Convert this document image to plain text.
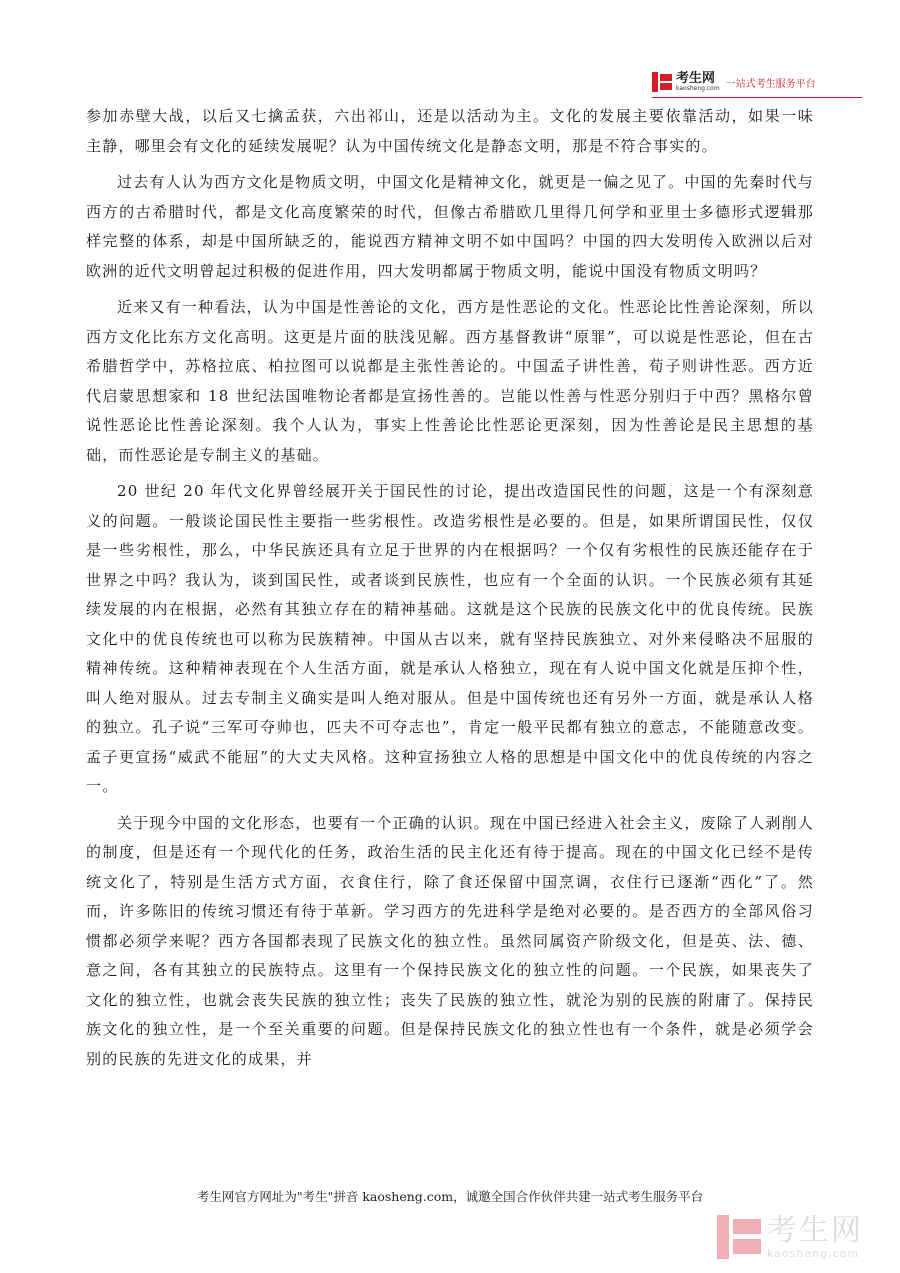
考生网
kaosheng.com 一站式考生服务平台

参加赤壁大战，以后又七擒孟获，六出祁山，还是以活动为主。文化的发展主要依靠活动，如果一味主静，哪里会有文化的延续发展呢？认为中国传统文化是静态文明，那是不符合事实的。

过去有人认为西方文化是物质文明，中国文化是精神文化，就更是一偏之见了。中国的先秦时代与西方的古希腊时代，都是文化高度繁荣的时代，但像古希腊欧几里得几何学和亚里士多德形式逻辑那样完整的体系，却是中国所缺乏的，能说西方精神文明不如中国吗？中国的四大发明传入欧洲以后对欧洲的近代文明曾起过积极的促进作用，四大发明都属于物质文明，能说中国没有物质文明吗？

近来又有一种看法，认为中国是性善论的文化，西方是性恶论的文化。性恶论比性善论深刻，所以西方文化比东方文化高明。这更是片面的肤浅见解。西方基督教讲“原罪”，可以说是性恶论，但在古希腊哲学中，苏格拉底、柏拉图可以说都是主张性善论的。中国孟子讲性善，荀子则讲性恶。西方近代启蒙思想家和 18 世纪法国唯物论者都是宣扬性善的。岂能以性善与性恶分别归于中西？黑格尔曾说性恶论比性善论深刻。我个人认为，事实上性善论比性恶论更深刻，因为性善论是民主思想的基础，而性恶论是专制主义的基础。

20 世纪 20 年代文化界曾经展开关于国民性的讨论，提出改造国民性的问题，这是一个有深刻意义的问题。一般谈论国民性主要指一些劣根性。改造劣根性是必要的。但是，如果所谓国民性，仅仅是一些劣根性，那么，中华民族还具有立足于世界的内在根据吗？一个仅有劣根性的民族还能存在于世界之中吗？我认为，谈到国民性，或者谈到民族性，也应有一个全面的认识。一个民族必须有其延续发展的内在根据，必然有其独立存在的精神基础。这就是这个民族的民族文化中的优良传统。民族文化中的优良传统也可以称为民族精神。中国从古以来，就有坚持民族独立、对外来侵略决不屈服的精神传统。这种精神表现在个人生活方面，就是承认人格独立，现在有人说中国文化就是压抑个性，叫人绝对服从。过去专制主义确实是叫人绝对服从。但是中国传统也还有另外一方面，就是承认人格的独立。孔子说“三军可夺帅也，匹夫不可夺志也”，肯定一般平民都有独立的意志，不能随意改变。孟子更宣扬“威武不能屈”的大丈夫风格。这种宣扬独立人格的思想是中国文化中的优良传统的内容之一。

关于现今中国的文化形态，也要有一个正确的认识。现在中国已经进入社会主义，废除了人剥削人的制度，但是还有一个现代化的任务，政治生活的民主化还有待于提高。现在的中国文化已经不是传统文化了，特别是生活方式方面，衣食住行，除了食还保留中国烹调，衣住行已逐渐“西化”了。然而，许多陈旧的传统习惯还有待于革新。学习西方的先进科学是绝对必要的。是否西方的全部风俗习惯都必须学来呢？西方各国都表现了民族文化的独立性。虽然同属资产阶级文化，但是英、法、德、意之间，各有其独立的民族特点。这里有一个保持民族文化的独立性的问题。一个民族，如果丧失了文化的独立性，也就会丧失民族的独立性；丧失了民族的独立性，就沦为别的民族的附庸了。保持民族文化的独立性，是一个至关重要的问题。但是保持民族文化的独立性也有一个条件，就是必须学会别的民族的先进文化的成果，并

考生网官方网址为"考生"拼音 kaosheng.com，诚邀全国合作伙伴共建一站式考生服务平台
考生网
kaosheng.com
